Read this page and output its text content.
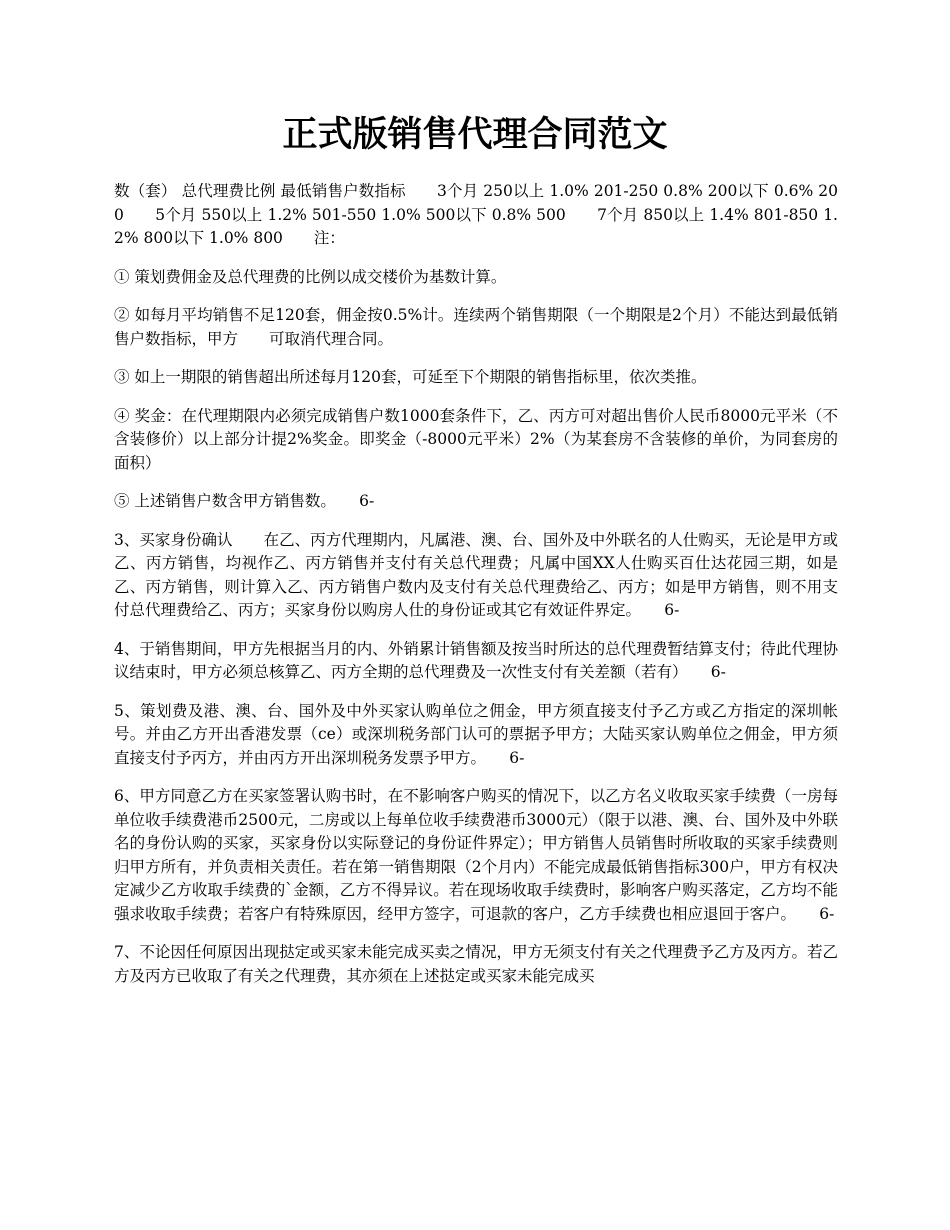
正式版销售代理合同范文

数（套） 总代理费比例 最低销售户数指标　　3个月 250以上 1.0% 201-250 0.8% 200以下 0.6% 200　　5个月 550以上 1.2% 501-550 1.0% 500以下 0.8% 500　　7个月 850以上 1.4% 801-850 1.2% 800以下 1.0% 800　　注：

① 策划费佣金及总代理费的比例以成交楼价为基数计算。

② 如每月平均销售不足120套，佣金按0.5%计。连续两个销售期限（一个期限是2个月）不能达到最低销售户数指标，甲方　　可取消代理合同。

③ 如上一期限的销售超出所述每月120套，可延至下个期限的销售指标里，依次类推。

④ 奖金：在代理期限内必须完成销售户数1000套条件下，乙、丙方可对超出售价人民币8000元平米（不含装修价）以上部分计提2%奖金。即奖金（-8000元平米）2%（为某套房不含装修的单价，为同套房的面积）

⑤ 上述销售户数含甲方销售数。　　6-

3、买家身份确认　　在乙、丙方代理期内，凡属港、澳、台、国外及中外联名的人仕购买，无论是甲方或乙、丙方销售，均视作乙、丙方销售并支付有关总代理费；凡属中国XX人仕购买百仕达花园三期，如是乙、丙方销售，则计算入乙、丙方销售户数内及支付有关总代理费给乙、丙方；如是甲方销售，则不用支付总代理费给乙、丙方；买家身份以购房人仕的身份证或其它有效证件界定。　　6-

4、于销售期间，甲方先根据当月的内、外销累计销售额及按当时所达的总代理费暂结算支付；待此代理协议结束时，甲方必须总核算乙、丙方全期的总代理费及一次性支付有关差额（若有）　　6-

5、策划费及港、澳、台、国外及中外买家认购单位之佣金，甲方须直接支付予乙方或乙方指定的深圳帐号。并由乙方开出香港发票（ce）或深圳税务部门认可的票据予甲方；大陆买家认购单位之佣金，甲方须直接支付予丙方，并由丙方开出深圳税务发票予甲方。　　6-

6、甲方同意乙方在买家签署认购书时，在不影响客户购买的情况下，以乙方名义收取买家手续费（一房每单位收手续费港币2500元，二房或以上每单位收手续费港币3000元）（限于以港、澳、台、国外及中外联名的身份认购的买家，买家身份以实际登记的身份证件界定）；甲方销售人员销售时所收取的买家手续费则归甲方所有，并负责相关责任。若在第一销售期限（2个月内）不能完成最低销售指标300户，甲方有权决定减少乙方收取手续费的`金额，乙方不得异议。若在现场收取手续费时，影响客户购买落定，乙方均不能强求收取手续费；若客户有特殊原因，经甲方签字，可退款的客户，乙方手续费也相应退回于客户。　　6-

7、不论因任何原因出现挞定或买家未能完成买卖之情况，甲方无须支付有关之代理费予乙方及丙方。若乙方及丙方已收取了有关之代理费，其亦须在上述挞定或买家未能完成买
